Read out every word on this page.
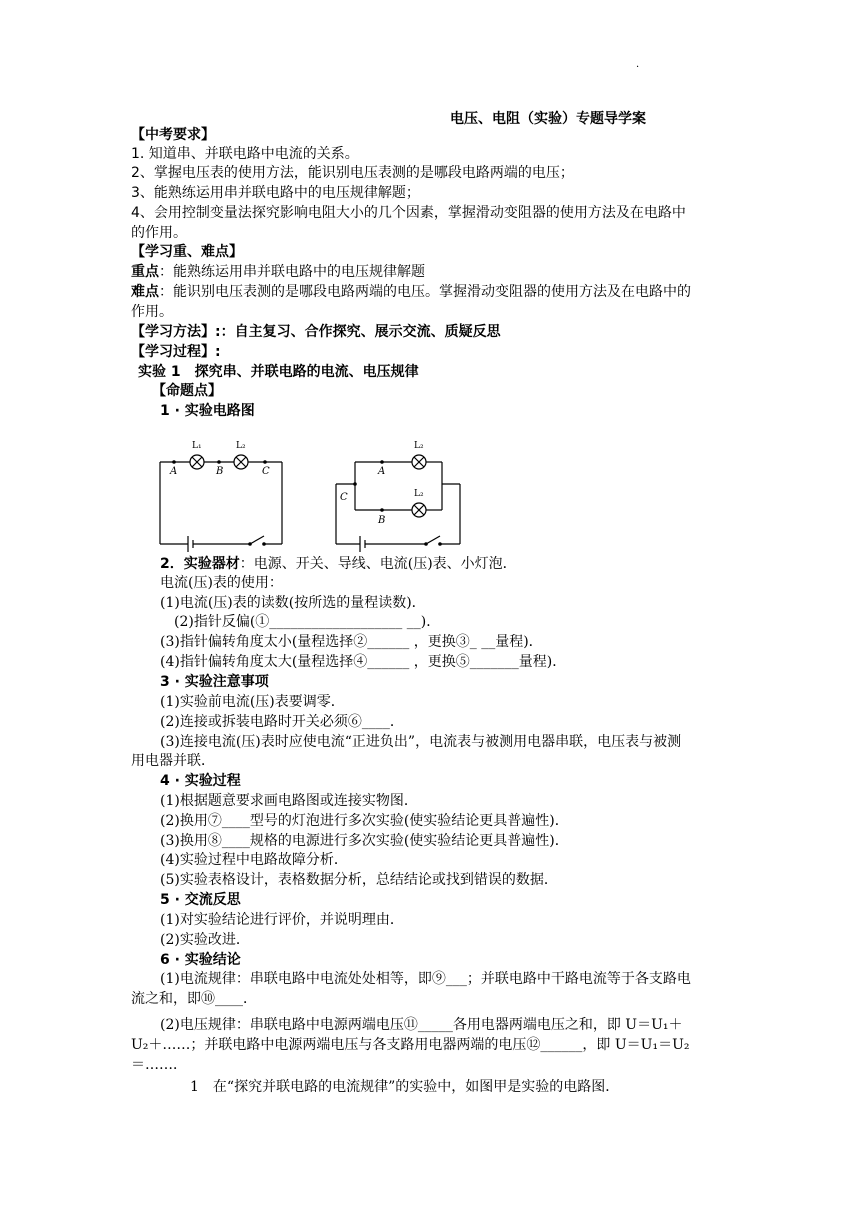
·
电压、电阻（实验）专题导学案
【中考要求】
1. 知道串、并联电路中电流的关系。
2、掌握电压表的使用方法，能识别电压表测的是哪段电路两端的电压；
3、能熟练运用串并联电路中的电压规律解题；
4、会用控制变量法探究影响电阻大小的几个因素，掌握滑动变阻器的使用方法及在电路中
的作用。
【学习重、难点】
重点：能熟练运用串并联电路中的电压规律解题
难点：能识别电压表测的是哪段电路两端的电压。掌握滑动变阻器的使用方法及在电路中的
作用。
【学习方法】:：自主复习、合作探究、展示交流、质疑反思
【学习过程】:
实验 1　探究串、并联电路的电流、电压规律
【命题点】
1 · 实验电路图
L₁	L₂
A	B	C
L₂
L₂
A
B
C
2．实验器材：电源、开关、导线、电流(压)表、小灯泡．
电流(压)表的使用：
(1)电流(压)表的读数(按所选的量程读数)．
(2)指针反偏(①___________________ __)．
(3)指针偏转角度太小(量程选择②______ ，更换③_ __量程)．
(4)指针偏转角度太大(量程选择④______ ，更换⑤_______量程)．
3 · 实验注意事项
(1)实验前电流(压)表要调零．
(2)连接或拆装电路时开关必须⑥____．
(3)连接电流(压)表时应使电流“正进负出”，电流表与被测用电器串联，电压表与被测
用电器并联．
4 · 实验过程
(1)根据题意要求画电路图或连接实物图．
(2)换用⑦____型号的灯泡进行多次实验(使实验结论更具普遍性)．
(3)换用⑧____规格的电源进行多次实验(使实验结论更具普遍性)．
(4)实验过程中电路故障分析．
(5)实验表格设计，表格数据分析，总结结论或找到错误的数据．
5 · 交流反思
(1)对实验结论进行评价，并说明理由．
(2)实验改进．
6 · 实验结论
(1)电流规律：串联电路中电流处处相等，即⑨___；并联电路中干路电流等于各支路电
流之和，即⑩____．
(2)电压规律：串联电路中电源两端电压⑪_____各用电器两端电压之和，即 U＝U₁＋
U₂＋……；并联电路中电源两端电压与各支路用电器两端的电压⑫______，即 U＝U₁＝U₂
＝……．
1　在“探究并联电路的电流规律”的实验中，如图甲是实验的电路图．
